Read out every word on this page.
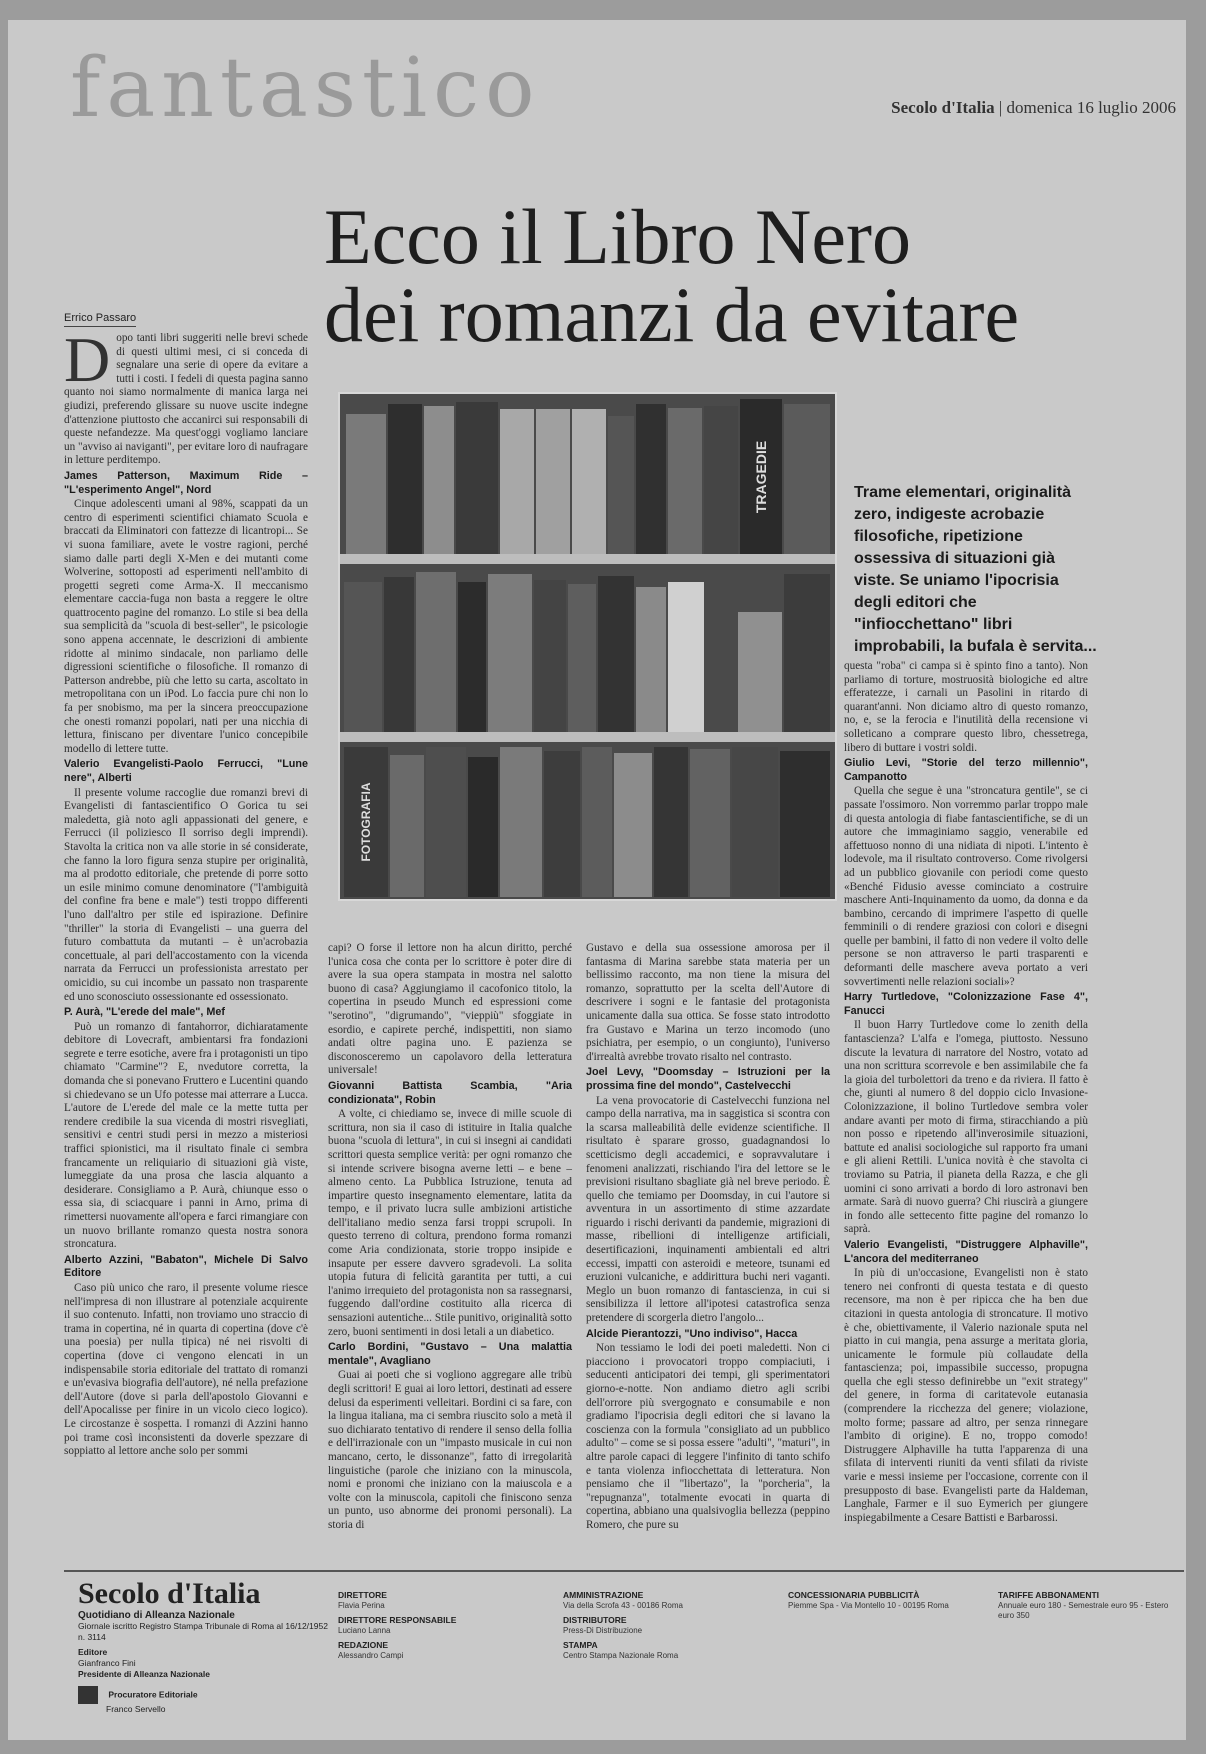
fantastico	Secolo d'Italia | domenica 16 luglio 2006
Ecco il Libro Nero
dei romanzi da evitare
Errico Passaro
D opo tanti libri suggeriti nelle brevi schede di questi ultimi mesi, ci si conceda di segnalare una serie di opere da evitare a tutti i costi. I fedeli di questa pagina sanno quanto noi siamo normalmente di manica larga nei giudizi, preferendo glissare su nuove uscite indegne d'attenzione piuttosto che accanirci sui responsabili di queste nefandezze. Ma quest'oggi vogliamo lanciare un "avviso ai naviganti", per evitare loro di naufragare in letture perditempo.

James Patterson, Maximum Ride – "L'esperimento Angel", Nord

Cinque adolescenti umani al 98%, scappati da un centro di esperimenti scientifici chiamato Scuola e braccati da Eliminatori con fattezze di licantropi... Se vi suona familiare, avete le vostre ragioni, perché siamo dalle parti degli X-Men e dei mutanti come Wolverine, sottoposti ad esperimenti nell'ambito di progetti segreti come Arma-X. Il meccanismo elementare caccia-fuga non basta a reggere le oltre quattrocento pagine del romanzo. Lo stile si bea della sua semplicità da "scuola di best-seller", le psicologie sono appena accennate, le descrizioni di ambiente ridotte al minimo sindacale, non parliamo delle digressioni scientifiche o filosofiche. Il romanzo di Patterson andrebbe, più che letto su carta, ascoltato in metropolitana con un iPod. Lo faccia pure chi non lo fa per snobismo, ma per la sincera preoccupazione che onesti romanzi popolari, nati per una nicchia di lettura, finiscano per diventare l'unico concepibile modello di lettere tutte.

Valerio Evangelisti-Paolo Ferrucci, "Lune nere", Alberti

Il presente volume raccoglie due romanzi brevi di Evangelisti di fantascientifico O Gorica tu sei maledetta, già noto agli appassionati del genere, e Ferrucci (il poliziesco Il sorriso degli imprendi). Stavolta la critica non va alle storie in sé considerate, che fanno la loro figura senza stupire per originalità, ma al prodotto editoriale, che pretende di porre sotto un esile minimo comune denominatore ("l'ambiguità del confine fra bene e male") testi troppo differenti l'uno dall'altro per stile ed ispirazione. Definire "thriller" la storia di Evangelisti – una guerra del futuro combattuta da mutanti – è un'acrobazia concettuale, al pari dell'accostamento con la vicenda narrata da Ferrucci un professionista arrestato per omicidio, su cui incombe un passato non trasparente ed uno sconosciuto ossessionante ed ossessionato.

P. Aurà, "L'erede del male", Mef

Può un romanzo di fantahorror, dichiaratamente debitore di Lovecraft, ambientarsi fra fondazioni segrete e terre esotiche, avere fra i protagonisti un tipo chiamato "Carmine"? E, nvedutore corretta, la domanda che si ponevano Fruttero e Lucentini quando si chiedevano se un Ufo potesse mai atterrare a Lucca. L'autore de L'erede del male ce la mette tutta per rendere credibile la sua vicenda di mostri risvegliati, sensitivi e centri studi persi in mezzo a misteriosi traffici spionistici, ma il risultato finale ci sembra francamente un reliquiario di situazioni già viste, lumeggiate da una prosa che lascia alquanto a desiderare. Consigliamo a P. Aurà, chiunque esso o essa sia, di sciacquare i panni in Arno, prima di rimettersi nuovamente all'opera e farci rimangiare con un nuovo brillante romanzo questa nostra sonora stroncatura.

Alberto Azzini, "Babaton", Michele Di Salvo Editore

Caso più unico che raro, il presente volume riesce nell'impresa di non illustrare al potenziale acquirente il suo contenuto. Infatti, non troviamo uno straccio di trama in copertina, né in quarta di copertina (dove c'è una poesia) per nulla tipica) né nei risvolti di copertina (dove ci vengono elencati in un indispensabile storia editoriale del trattato di romanzi e un'evasiva biografia dell'autore), né nella prefazione dell'Autore (dove si parla dell'apostolo Giovanni e dell'Apocalisse per finire in un vicolo cieco logico). Le circostanze è sospetta. I romanzi di Azzini hanno poi trame così inconsistenti da doverle spezzare di soppiatto al lettore anche solo per sommi

TRAGEDIE
FOTOGRAFIA
Trame elementari, originalità zero, indigeste acrobazie filosofiche, ripetizione ossessiva di situazioni già viste. Se uniamo l'ipocrisia degli editori che "infiocchettano" libri improbabili, la bufala è servita...

capi? O forse il lettore non ha alcun diritto, perché l'unica cosa che conta per lo scrittore è poter dire di avere la sua opera stampata in mostra nel salotto buono di casa? Aggiungiamo il cacofonico titolo, la copertina in pseudo Munch ed espressioni come "serotino", "digrumando", "vieppiù" sfoggiate in esordio, e capirete perché, indispettiti, non siamo andati oltre pagina uno. E pazienza se disconosceremo un capolavoro della letteratura universale!

Giovanni Battista Scambia, "Aria condizionata", Robin

A volte, ci chiediamo se, invece di mille scuole di scrittura, non sia il caso di istituire in Italia qualche buona "scuola di lettura", in cui si insegni ai candidati scrittori questa semplice verità: per ogni romanzo che si intende scrivere bisogna averne letti – e bene – almeno cento. La Pubblica Istruzione, tenuta ad impartire questo insegnamento elementare, latita da tempo, e il privato lucra sulle ambizioni artistiche dell'italiano medio senza farsi troppi scrupoli. In questo terreno di coltura, prendono forma romanzi come Aria condizionata, storie troppo insipide e insapute per essere davvero sgradevoli. La solita utopia futura di felicità garantita per tutti, a cui l'animo irrequieto del protagonista non sa rassegnarsi, fuggendo dall'ordine costituito alla ricerca di sensazioni autentiche... Stile punitivo, originalità sotto zero, buoni sentimenti in dosi letali a un diabetico.

Carlo Bordini, "Gustavo – Una malattia mentale", Avagliano

Guai ai poeti che si vogliono aggregare alle tribù degli scrittori! E guai ai loro lettori, destinati ad essere delusi da esperimenti velleitari. Bordini ci sa fare, con la lingua italiana, ma ci sembra riuscito solo a metà il suo dichiarato tentativo di rendere il senso della follia e dell'irrazionale con un "impasto musicale in cui non mancano, certo, le dissonanze", fatto di irregolarità linguistiche (parole che iniziano con la minuscola, nomi e pronomi che iniziano con la maiuscola e a volte con la minuscola, capitoli che finiscono senza un punto, uso abnorme dei pronomi personali). La storia di

Gustavo e della sua ossessione amorosa per il fantasma di Marina sarebbe stata materia per un bellissimo racconto, ma non tiene la misura del romanzo, soprattutto per la scelta dell'Autore di descrivere i sogni e le fantasie del protagonista unicamente dalla sua ottica. Se fosse stato introdotto fra Gustavo e Marina un terzo incomodo (uno psichiatra, per esempio, o un congiunto), l'universo d'irrealtà avrebbe trovato risalto nel contrasto.

Joel Levy, "Doomsday – Istruzioni per la prossima fine del mondo", Castelvecchi

La vena provocatorie di Castelvecchi funziona nel campo della narrativa, ma in saggistica si scontra con la scarsa malleabilità delle evidenze scientifiche. Il risultato è sparare grosso, guadagnandosi lo scetticismo degli accademici, e sopravvalutare i fenomeni analizzati, rischiando l'ira del lettore se le previsioni risultano sbagliate già nel breve periodo. È quello che temiamo per Doomsday, in cui l'autore si avventura in un assortimento di stime azzardate riguardo i rischi derivanti da pandemie, migrazioni di masse, ribellioni di intelligenze artificiali, desertificazioni, inquinamenti ambientali ed altri eccessi, impatti con asteroidi e meteore, tsunami ed eruzioni vulcaniche, e addirittura buchi neri vaganti. Meglo un buon romanzo di fantascienza, in cui si sensibilizza il lettore all'ipotesi catastrofica senza pretendere di scorgerla dietro l'angolo...

Alcide Pierantozzi, "Uno indiviso", Hacca

Non tessiamo le lodi dei poeti maledetti. Non ci piacciono i provocatori troppo compiaciuti, i seducenti anticipatori dei tempi, gli sperimentatori giorno-e-notte. Non andiamo dietro agli scribi dell'orrore più svergognato e consumabile e non gradiamo l'ipocrisia degli editori che si lavano la coscienza con la formula "consigliato ad un pubblico adulto" – come se si possa essere "adulti", "maturi", in altre parole capaci di leggere l'infinito di tanto schifo e tanta violenza infiocchettata di letteratura. Non pensiamo che il "libertazo", la "porcheria", la "repugnanza", totalmente evocati in quarta di copertina, abbiano una qualsivoglia bellezza (peppino Romero, che pure su

questa "roba" ci campa si è spinto fino a tanto). Non parliamo di torture, mostruosità biologiche ed altre efferatezze, i carnali un Pasolini in ritardo di quarant'anni. Non diciamo altro di questo romanzo, no, e, se la ferocia e l'inutilità della recensione vi solleticano a comprare questo libro, chessetrega, libero di buttare i vostri soldi.

Giulio Levi, "Storie del terzo millennio", Campanotto

Quella che segue è una "stroncatura gentile", se ci passate l'ossimoro. Non vorremmo parlar troppo male di questa antologia di fiabe fantascientifiche, se di un autore che immaginiamo saggio, venerabile ed affettuoso nonno di una nidiata di nipoti. L'intento è lodevole, ma il risultato controverso. Come rivolgersi ad un pubblico giovanile con periodi come questo «Benché Fidusio avesse cominciato a costruire maschere Anti-Inquinamento da uomo, da donna e da bambino, cercando di imprimere l'aspetto di quelle femminili o di rendere graziosi con colori e disegni quelle per bambini, il fatto di non vedere il volto delle persone se non attraverso le parti trasparenti e deformanti delle maschere aveva portato a veri sovvertimenti nelle relazioni sociali»?

Harry Turtledove, "Colonizzazione Fase 4", Fanucci

Il buon Harry Turtledove come lo zenith della fantascienza? L'alfa e l'omega, piuttosto. Nessuno discute la levatura di narratore del Nostro, votato ad una non scrittura scorrevole e ben assimilabile che fa la gioia del turbolettori da treno e da riviera. Il fatto è che, giunti al numero 8 del doppio ciclo Invasione-Colonizzazione, il bolino Turtledove sembra voler andare avanti per moto di firma, stiracchiando a più non posso e ripetendo all'inverosimile situazioni, battute ed analisi sociologiche sul rapporto fra umani e gli alieni Rettili. L'unica novità è che stavolta ci troviamo su Patria, il pianeta della Razza, e che gli uomini ci sono arrivati a bordo di loro astronavi ben armate. Sarà di nuovo guerra? Chi riuscirà a giungere in fondo alle settecento fitte pagine del romanzo lo saprà.

Valerio Evangelisti, "Distruggere Alphaville", L'ancora del mediterraneo

In più di un'occasione, Evangelisti non è stato tenero nei confronti di questa testata e di questo recensore, ma non è per ripicca che ha ben due citazioni in questa antologia di stroncature. Il motivo è che, obiettivamente, il Valerio nazionale sputa nel piatto in cui mangia, pena assurge a meritata gloria, unicamente le formule più collaudate della fantascienza; poi, impassibile successo, propugna quella che egli stesso definirebbe un "exit strategy" del genere, in forma di caritatevole eutanasia (comprendere la ricchezza del genere; violazione, molto forme; passare ad altro, per senza rinnegare l'ambito di origine). E no, troppo comodo! Distruggere Alphaville ha tutta l'apparenza di una sfilata di interventi riuniti da venti sfilati da riviste varie e messi insieme per l'occasione, corrente con il presupposto di base. Evangelisti parte da Haldeman, Langhale, Farmer e il suo Eymerich per giungere inspiegabilmente a Cesare Battisti e Barbarossi.

Secolo d'Italia
Quotidiano di Alleanza Nazionale
Giornale iscritto Registro Stampa Tribunale di Roma al 16/12/1952 n. 3114
Editore
Gianfranco Fini
Presidente di Alleanza Nazionale
Procuratore Editoriale
Franco Servello
DIRETTORE
Flavia Perina
DIRETTORE RESPONSABILE
Luciano Lanna
REDAZIONE
Alessandro Campi
AMMINISTRAZIONE
Via della Scrofa 43 - 00186 Roma
DISTRIBUTORE
Press-Di Distribuzione
STAMPA
Centro Stampa Nazionale Roma
CONCESSIONARIA PUBBLICITÀ
Piemme Spa - Via Montello 10 - 00195 Roma
TARIFFE ABBONAMENTI
Annuale euro 180 - Semestrale euro 95 - Estero euro 350
